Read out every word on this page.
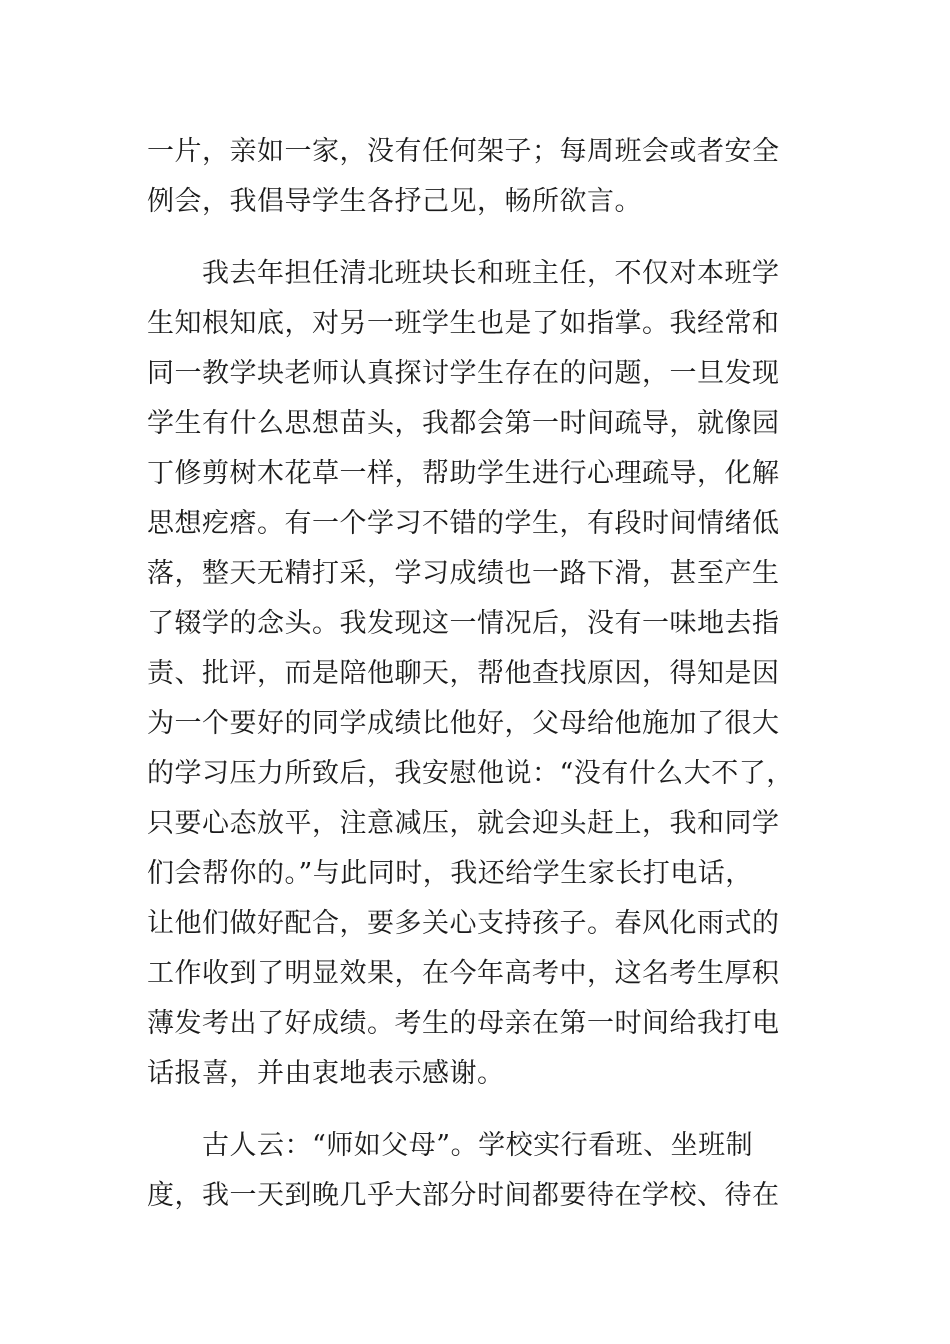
一片，亲如一家，没有任何架子；每周班会或者安全
例会，我倡导学生各抒己见，畅所欲言。
　　我去年担任清北班块长和班主任，不仅对本班学
生知根知底，对另一班学生也是了如指掌。我经常和
同一教学块老师认真探讨学生存在的问题，一旦发现
学生有什么思想苗头，我都会第一时间疏导，就像园
丁修剪树木花草一样，帮助学生进行心理疏导，化解
思想疙瘩。有一个学习不错的学生，有段时间情绪低
落，整天无精打采，学习成绩也一路下滑，甚至产生
了辍学的念头。我发现这一情况后，没有一味地去指
责、批评，而是陪他聊天，帮他查找原因，得知是因
为一个要好的同学成绩比他好，父母给他施加了很大
的学习压力所致后，我安慰他说：“没有什么大不了，
只要心态放平，注意减压，就会迎头赶上，我和同学
们会帮你的。”与此同时，我还给学生家长打电话，
让他们做好配合，要多关心支持孩子。春风化雨式的
工作收到了明显效果，在今年高考中，这名考生厚积
薄发考出了好成绩。考生的母亲在第一时间给我打电
话报喜，并由衷地表示感谢。
　　古人云：“师如父母”。学校实行看班、坐班制
度，我一天到晚几乎大部分时间都要待在学校、待在
